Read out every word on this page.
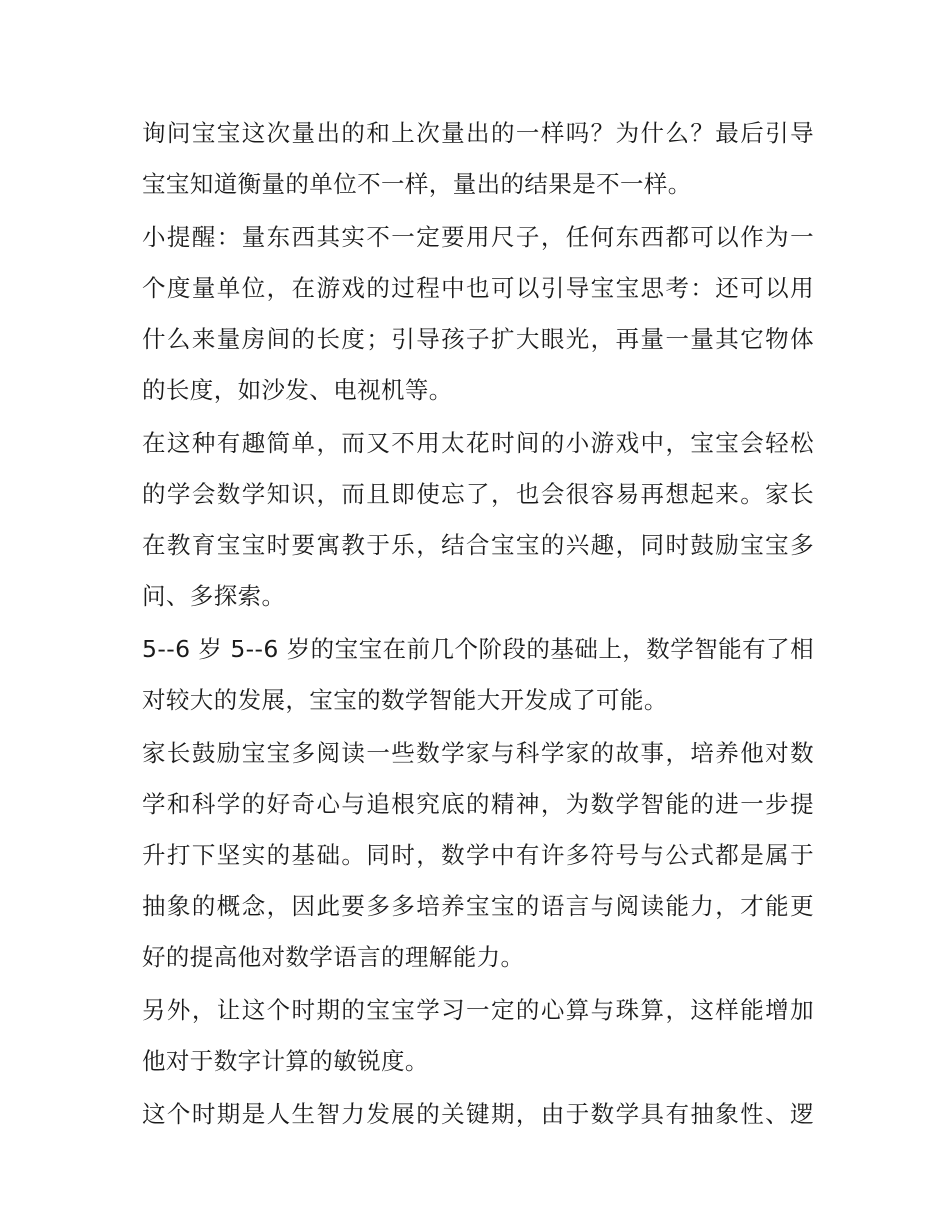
询问宝宝这次量出的和上次量出的一样吗？为什么？最后引导
宝宝知道衡量的单位不一样，量出的结果是不一样。

小提醒：量东西其实不一定要用尺子，任何东西都可以作为一
个度量单位，在游戏的过程中也可以引导宝宝思考：还可以用
什么来量房间的长度；引导孩子扩大眼光，再量一量其它物体
的长度，如沙发、电视机等。

在这种有趣简单，而又不用太花时间的小游戏中，宝宝会轻松
的学会数学知识，而且即使忘了，也会很容易再想起来。家长
在教育宝宝时要寓教于乐，结合宝宝的兴趣，同时鼓励宝宝多
问、多探索。

5--6 岁 5--6 岁的宝宝在前几个阶段的基础上，数学智能有了相
对较大的发展，宝宝的数学智能大开发成了可能。

家长鼓励宝宝多阅读一些数学家与科学家的故事，培养他对数
学和科学的好奇心与追根究底的精神，为数学智能的进一步提
升打下坚实的基础。同时，数学中有许多符号与公式都是属于
抽象的概念，因此要多多培养宝宝的语言与阅读能力，才能更
好的提高他对数学语言的理解能力。

另外，让这个时期的宝宝学习一定的心算与珠算，这样能增加
他对于数字计算的敏锐度。

这个时期是人生智力发展的关键期，由于数学具有抽象性、逻
